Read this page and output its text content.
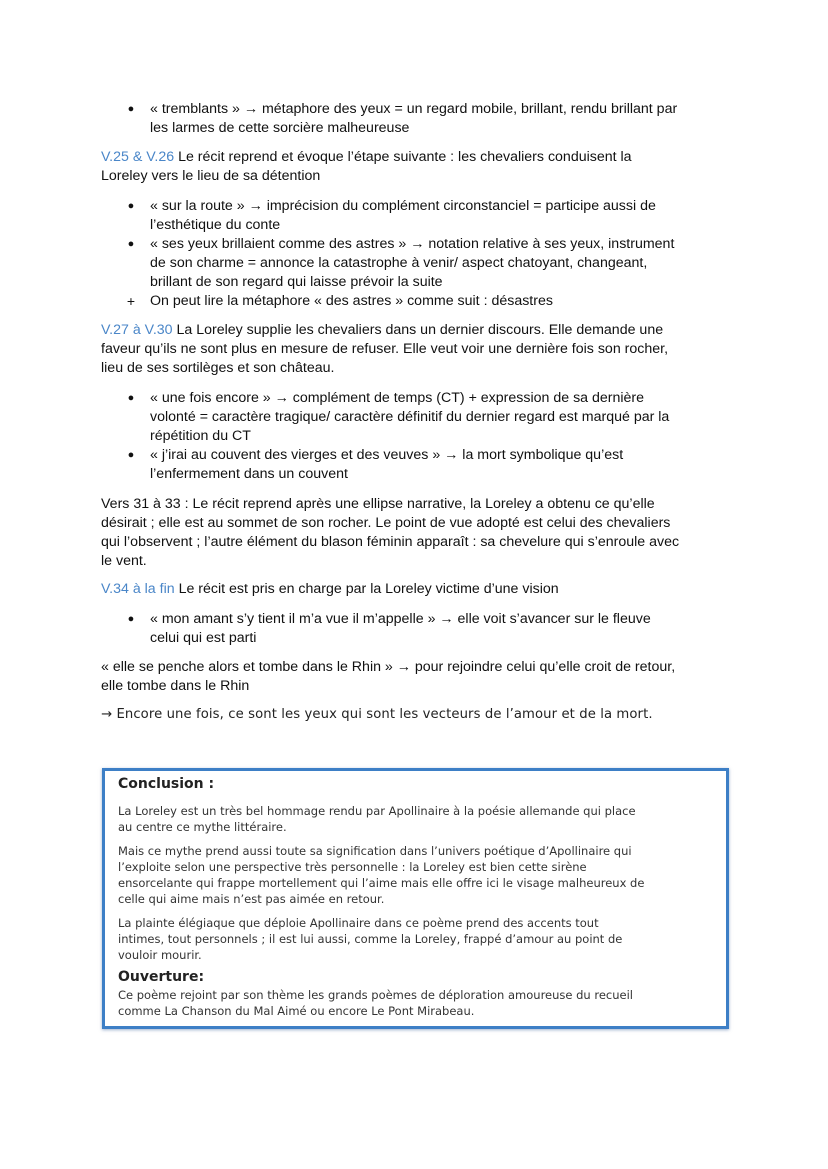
●	« tremblants » → métaphore des yeux = un regard mobile, brillant, rendu brillant par
les larmes de cette sorcière malheureuse
V.25 & V.26 Le récit reprend et évoque l’étape suivante : les chevaliers conduisent la
Loreley vers le lieu de sa détention
●	« sur la route » → imprécision du complément circonstanciel = participe aussi de
l’esthétique du conte
●	« ses yeux brillaient comme des astres » → notation relative à ses yeux, instrument
de son charme = annonce la catastrophe à venir/ aspect chatoyant, changeant,
brillant de son regard qui laisse prévoir la suite
+ On peut lire la métaphore « des astres » comme suit : désastres
V.27 à V.30 La Loreley supplie les chevaliers dans un dernier discours. Elle demande une
faveur qu’ils ne sont plus en mesure de refuser. Elle veut voir une dernière fois son rocher,
lieu de ses sortilèges et son château.
●	« une fois encore » → complément de temps (CT) + expression de sa dernière
volonté = caractère tragique/ caractère définitif du dernier regard est marqué par la
répétition du CT
●	« j’irai au couvent des vierges et des veuves » → la mort symbolique qu’est
l’enfermement dans un couvent
Vers 31 à 33 : Le récit reprend après une ellipse narrative, la Loreley a obtenu ce qu’elle
désirait ; elle est au sommet de son rocher. Le point de vue adopté est celui des chevaliers
qui l’observent ; l’autre élément du blason féminin apparaît : sa chevelure qui s’enroule avec
le vent.
V.34 à la fin Le récit est pris en charge par la Loreley victime d’une vision
●	« mon amant s’y tient il m’a vue il m’appelle » → elle voit s’avancer sur le fleuve
celui qui est parti
« elle se penche alors et tombe dans le Rhin » → pour rejoindre celui qu’elle croit de retour,
elle tombe dans le Rhin
→ Encore une fois, ce sont les yeux qui sont les vecteurs de l’amour et de la mort.
Conclusion :
La Loreley est un très bel hommage rendu par Apollinaire à la poésie allemande qui place
au centre ce mythe littéraire.
Mais ce mythe prend aussi toute sa signification dans l’univers poétique d’Apollinaire qui
l’exploite selon une perspective très personnelle : la Loreley est bien cette sirène
ensorcelante qui frappe mortellement qui l’aime mais elle offre ici le visage malheureux de
celle qui aime mais n’est pas aimée en retour.
La plainte élégiaque que déploie Apollinaire dans ce poème prend des accents tout
intimes, tout personnels ; il est lui aussi, comme la Loreley, frappé d’amour au point de
vouloir mourir.
Ouverture:
Ce poème rejoint par son thème les grands poèmes de déploration amoureuse du recueil
comme La Chanson du Mal Aimé ou encore Le Pont Mirabeau.
